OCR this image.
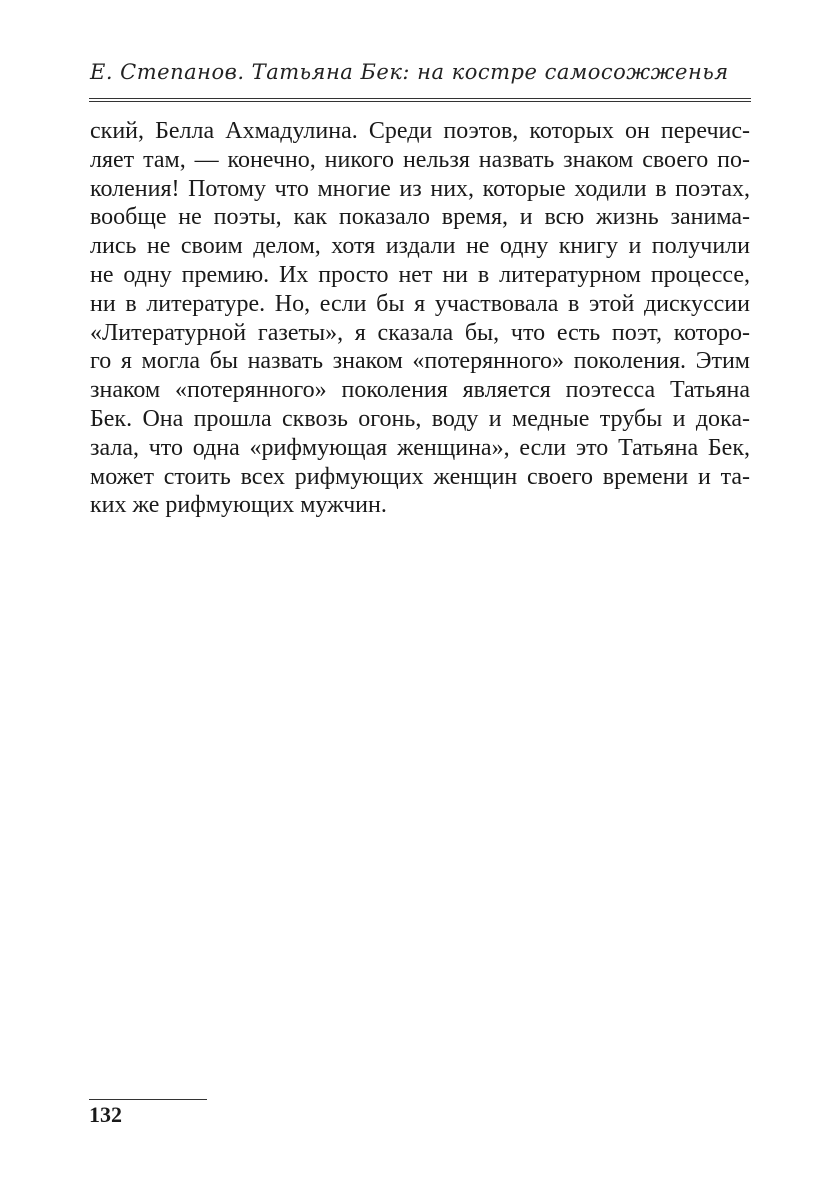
Е. Степанов. Татьяна Бек: на костре самосожженья
ский, Белла Ахмадулина. Среди поэтов, которых он перечис-
ляет там, — конечно, никого нельзя назвать знаком своего по-
коления! Потому что многие из них, которые ходили в поэтах,
вообще не поэты, как показало время, и всю жизнь занима-
лись не своим делом, хотя издали не одну книгу и получили
не одну премию. Их просто нет ни в литературном процессе,
ни в литературе. Но, если бы я участвовала в этой дискуссии
«Литературной газеты», я сказала бы, что есть поэт, которо-
го я могла бы назвать знаком «потерянного» поколения. Этим
знаком «потерянного» поколения является поэтесса Татьяна
Бек. Она прошла сквозь огонь, воду и медные трубы и дока-
зала, что одна «рифмующая женщина», если это Татьяна Бек,
может стоить всех рифмующих женщин своего времени и та-
ких же рифмующих мужчин.
132
